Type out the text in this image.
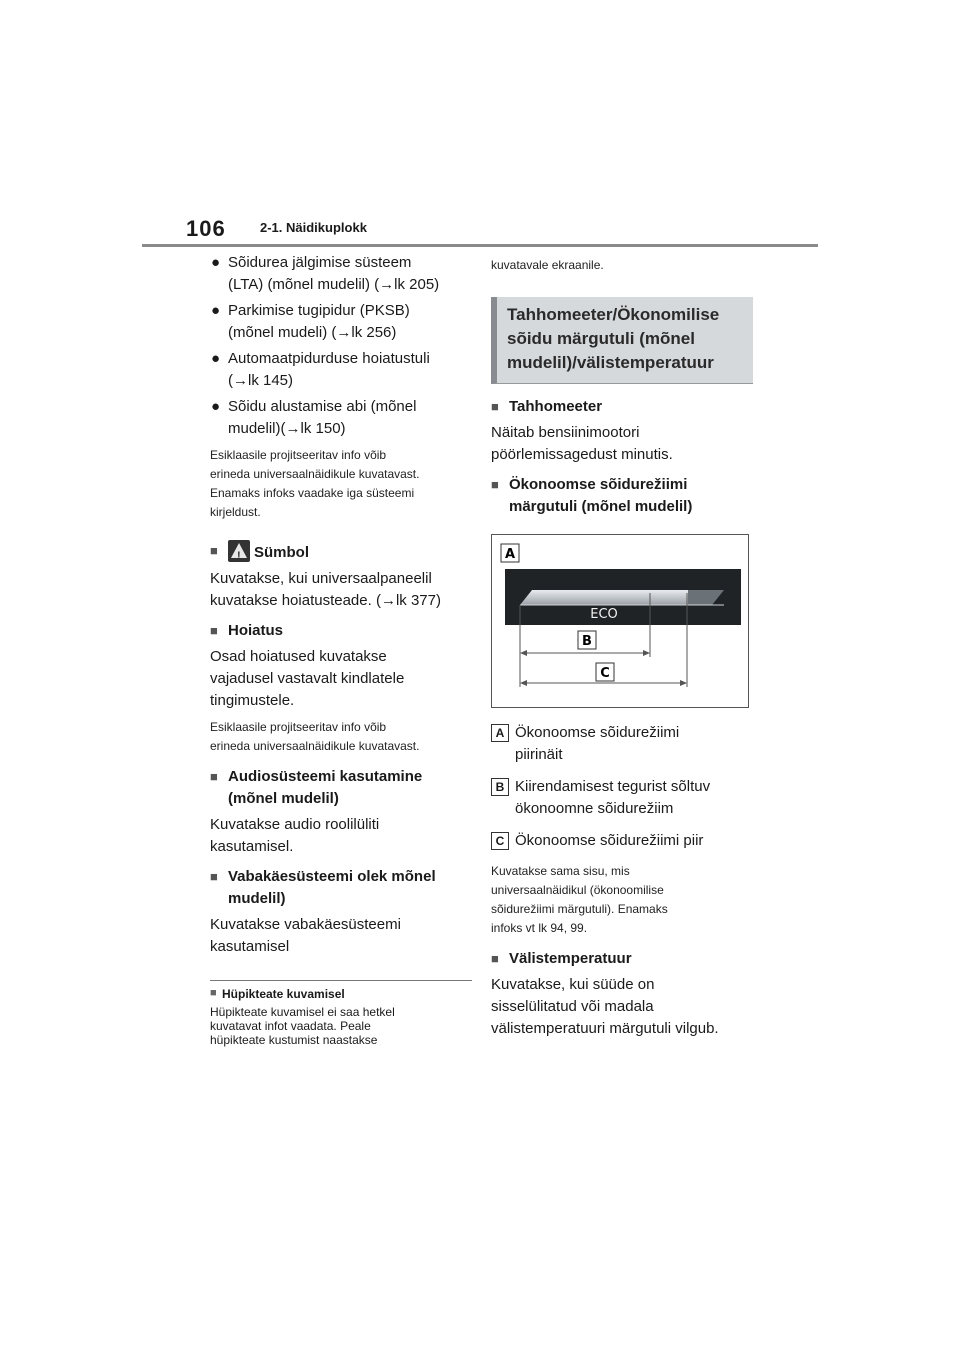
106	2-1. Näidikuplokk
● Sõidurea jälgimise süsteem
(LTA) (mõnel mudelil) (→lk 205)
● Parkimise tugipidur (PKSB)
(mõnel mudeli) (→lk 256)
● Automaatpidurduse hoiatustuli
(→lk 145)
● Sõidu alustamise abi (mõnel
mudelil)(→lk 150)
Esiklaasile projitseeritav info võib
erineda universaalnäidikule kuvatavast.
Enamaks infoks vaadake iga süsteemi
kirjeldust.
■
! Sümbol
Kuvatakse, kui universaalpaneelil
kuvatakse hoiatusteade. (→lk 377)
■ Hoiatus
Osad hoiatused kuvatakse
vajadusel vastavalt kindlatele
tingimustele.
Esiklaasile projitseeritav info võib
erineda universaalnäidikule kuvatavast.
■ Audiosüsteemi kasutamine
(mõnel mudelil)
Kuvatakse audio roolilüliti
kasutamisel.
■ Vabakäesüsteemi olek mõnel
mudelil)
Kuvatakse vabakäesüsteemi
kasutamisel
■ Hüpikteate kuvamisel
Hüpikteate kuvamisel ei saa hetkel
kuvatavat infot vaadata. Peale
hüpikteate kustumist naastakse
kuvatavale ekraanile.
Tahhomeeter/Ökonomilise
sõidu märgutuli (mõnel
mudelil)/välistemperatuur
■ Tahhomeeter
Näitab bensiinimootori
pöörlemissagedust minutis.
■ Ökonoomse sõidurežiimi
märgutuli (mõnel mudelil)
ECO
A
B
C
A Ökonoomse sõidurežiimi
piirinäit
B Kiirendamisest tegurist sõltuv
ökonoomne sõidurežiim
C Ökonoomse sõidurežiimi piir
Kuvatakse sama sisu, mis
universaalnäidikul (ökonoomilise
sõidurežiimi märgutuli). Enamaks
infoks vt lk 94, 99.
■ Välistemperatuur
Kuvatakse, kui süüde on
sisselülitatud või madala
välistemperatuuri märgutuli vilgub.
